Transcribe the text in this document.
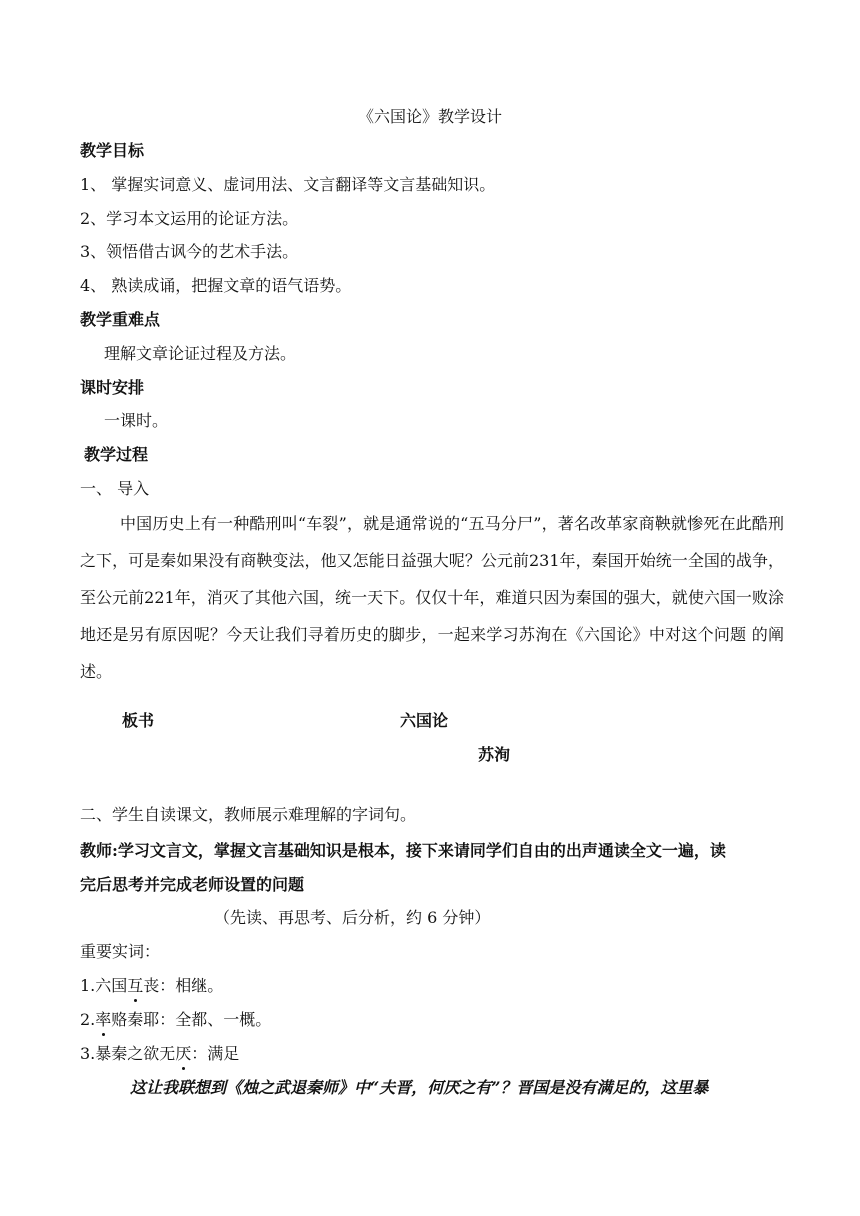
《六国论》教学设计
教学目标
1、 掌握实词意义、虚词用法、文言翻译等文言基础知识。
2、学习本文运用的论证方法。
3、领悟借古讽今的艺术手法。
4、 熟读成诵，把握文章的语气语势。
教学重难点
理解文章论证过程及方法。
课时安排
一课时。
教学过程
一、 导入
中国历史上有一种酷刑叫“车裂”，就是通常说的“五马分尸”，著名改革家商鞅就惨死在此酷刑之下，可是秦如果没有商鞅变法，他又怎能日益强大呢？公元前231年，秦国开始统一全国的战争，至公元前221年，消灭了其他六国，统一天下。仅仅十年，难道只因为秦国的强大，就使六国一败涂地还是另有原因呢？今天让我们寻着历史的脚步，一起来学习苏洵在《六国论》中对这个问题 的阐述。
板书	六国论
苏洵
二、学生自读课文，教师展示难理解的字词句。
教师:学习文言文，掌握文言基础知识是根本，接下来请同学们自由的出声通读全文一遍，读
完后思考并完成老师设置的问题
（先读、再思考、后分析，约 6 分钟）
重要实词：
1.六国互丧：相继。
2.率赂秦耶：全都、一概。
3.暴秦之欲无厌：满足
这让我联想到《烛之武退秦师》中“夫晋，何厌之有”？晋国是没有满足的，这里暴
